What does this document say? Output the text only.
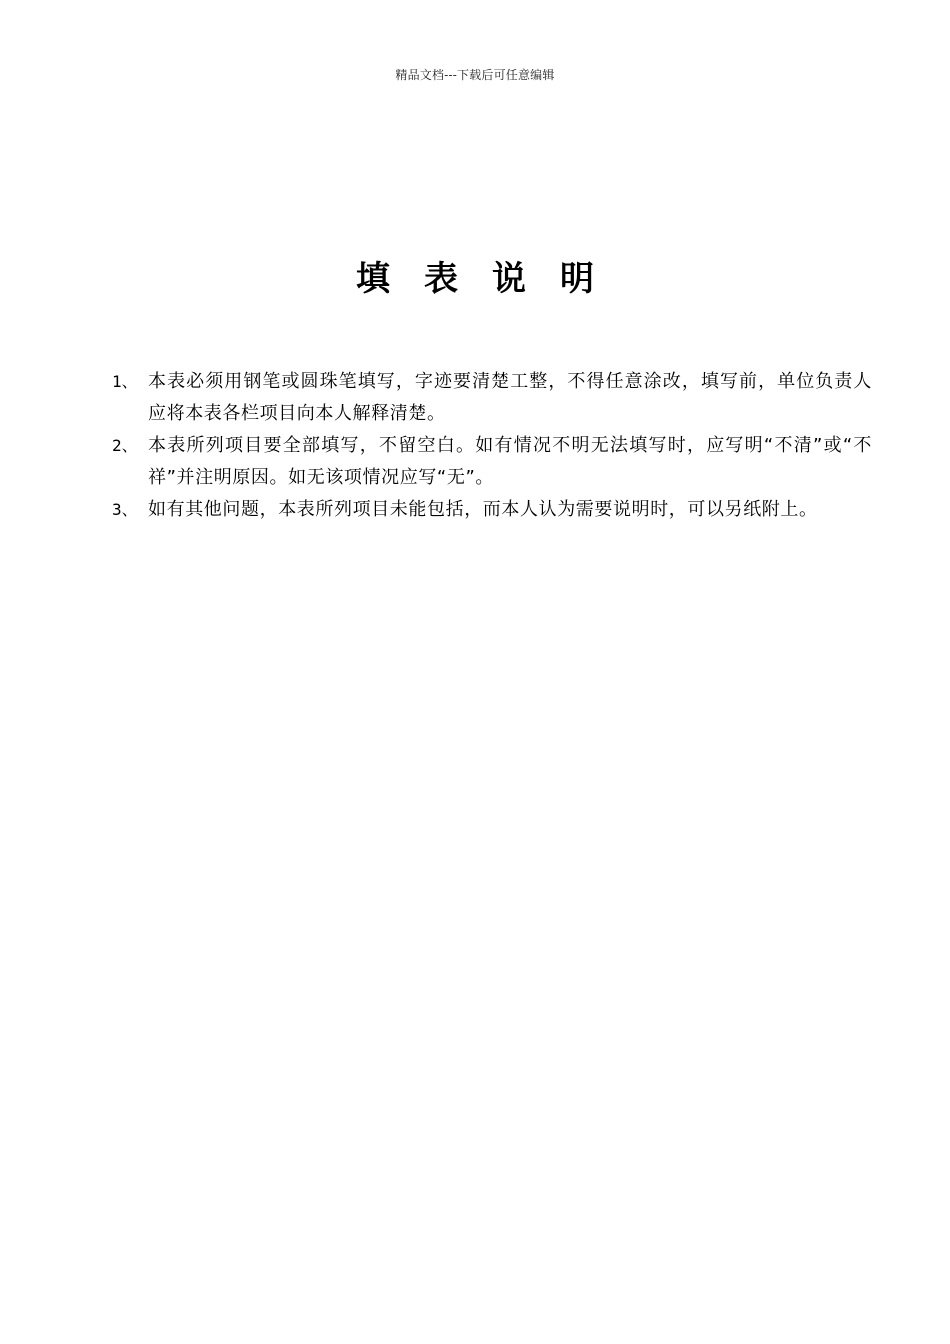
精品文档---下载后可任意编辑
填表说明
1、 本表必须用钢笔或圆珠笔填写，字迹要清楚工整，不得任意涂改，填写前，单位负责人应将本表各栏项目向本人解释清楚。
2、 本表所列项目要全部填写，不留空白。如有情况不明无法填写时，应写明“不清”或“不祥”并注明原因。如无该项情况应写“无”。
3、 如有其他问题，本表所列项目未能包括，而本人认为需要说明时，可以另纸附上。
